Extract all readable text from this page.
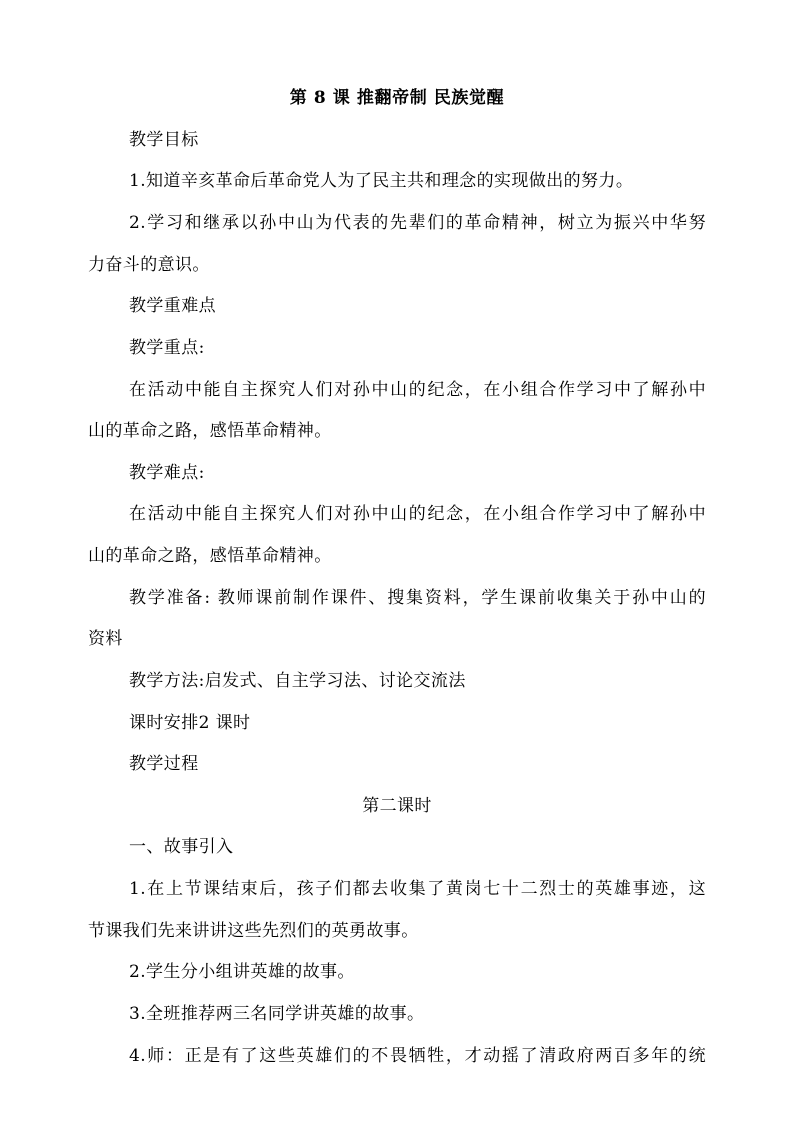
第 8 课 推翻帝制 民族觉醒
教学目标
1.知道辛亥革命后革命党人为了民主共和理念的实现做出的努力。
2.学习和继承以孙中山为代表的先辈们的革命精神，树立为振兴中华努
力奋斗的意识。
教学重难点
教学重点:
在活动中能自主探究人们对孙中山的纪念，在小组合作学习中了解孙中
山的革命之路，感悟革命精神。
教学难点:
在活动中能自主探究人们对孙中山的纪念，在小组合作学习中了解孙中
山的革命之路，感悟革命精神。
教学准备: 教师课前制作课件、搜集资料，学生课前收集关于孙中山的
资料
教学方法:启发式、自主学习法、讨论交流法
课时安排2 课时
教学过程
第二课时
一、故事引入
1.在上节课结束后，孩子们都去收集了黄岗七十二烈士的英雄事迹，这
节课我们先来讲讲这些先烈们的英勇故事。
2.学生分小组讲英雄的故事。
3.全班推荐两三名同学讲英雄的故事。
4.师：正是有了这些英雄们的不畏牺牲，才动摇了清政府两百多年的统
